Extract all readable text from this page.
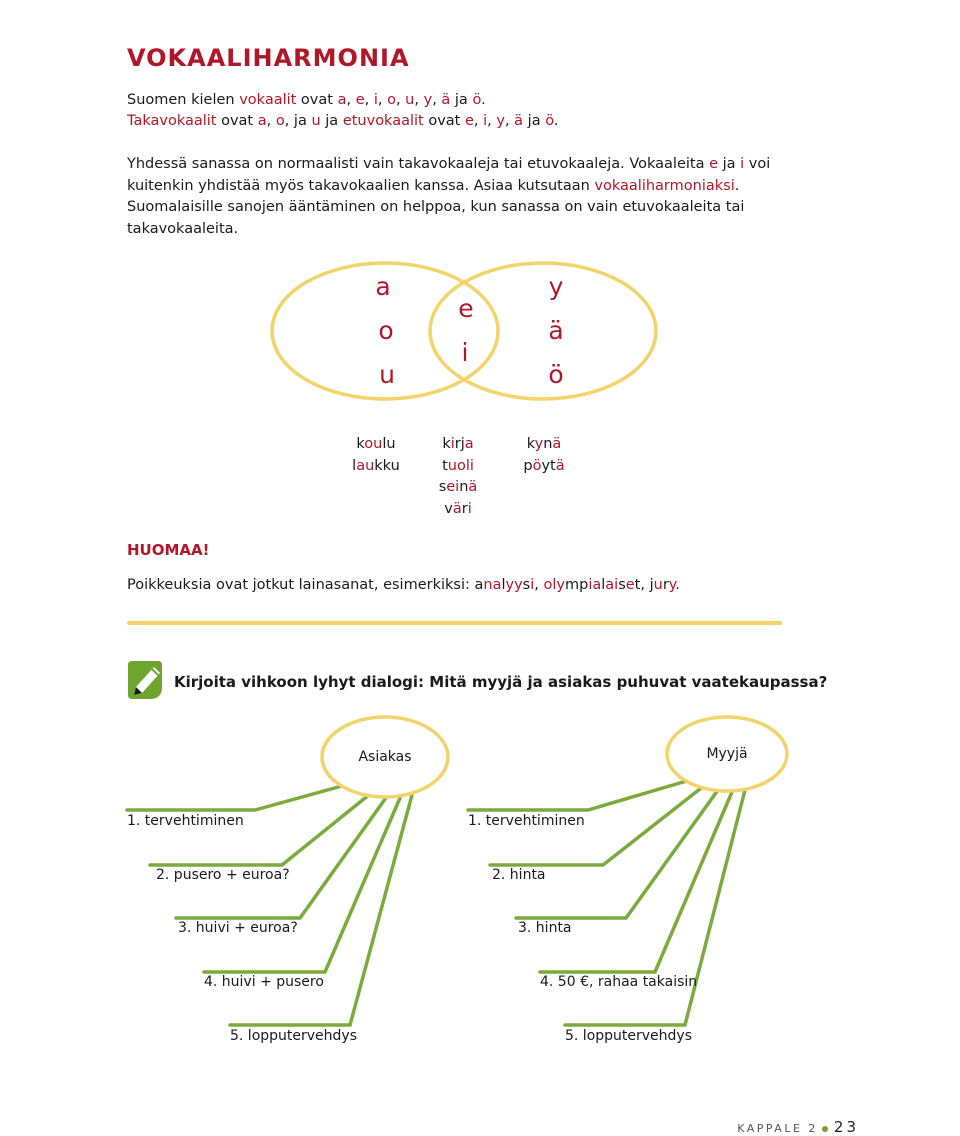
VOKAALIHARMONIA
Suomen kielen vokaalit ovat a, e, i, o, u, y, ä ja ö.
Takavokaalit ovat a, o, ja u ja etuvokaalit ovat e, i, y, ä ja ö.
Yhdessä sanassa on normaalisti vain takavokaaleja tai etuvokaaleja. Vokaaleita e ja i voi kuitenkin yhdistää myös takavokaalien kanssa. Asiaa kutsutaan vokaaliharmoniaksi. Suomalaisille sanojen ääntäminen on helppoa, kun sanassa on vain etuvokaaleita tai takavokaaleita.
a
o
u
e
i
y
ä
ö
koulu
laukku
kirja
tuoli
seinä
väri
kynä
pöytä
HUOMAA!
Poikkeuksia ovat jotkut lainasanat, esimerkiksi: analyysi, olympialaiset, jury.
Kirjoita vihkoon lyhyt dialogi: Mitä myyjä ja asiakas puhuvat vaatekaupassa?
Asiakas	Myyjä
1. tervehtiminen
2. pusero + euroa?
3. huivi + euroa?
4. huivi + pusero
5. lopputervehdys
1. tervehtiminen
2. hinta
3. hinta
4. 50 €, rahaa takaisin
5. lopputervehdys
KAPPALE 2 23
